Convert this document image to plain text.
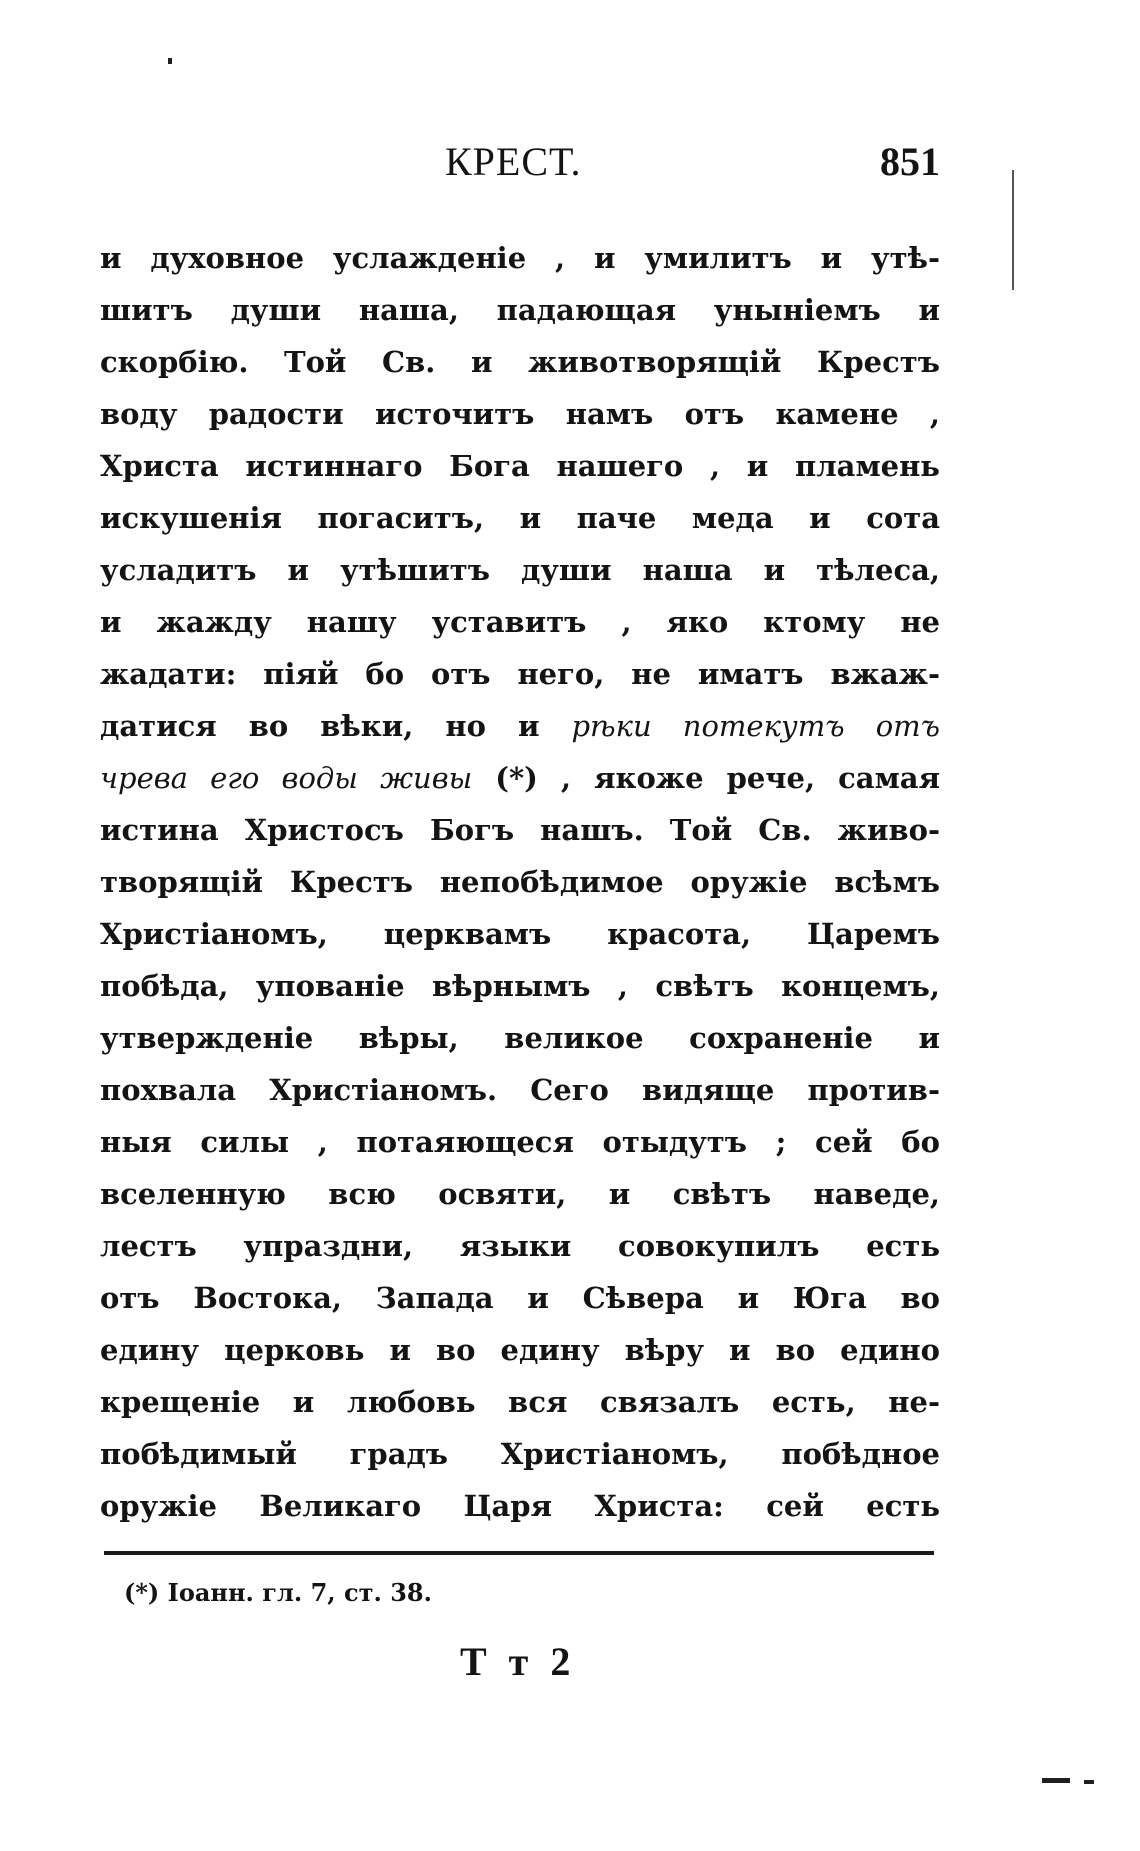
КРЕСТ.	851
и духовное услажденіе , и умилитъ и утѣ-
шитъ души наша, падающая уныніемъ и
скорбію. Той Св. и животворящій Крестъ
воду радости источитъ намъ отъ камене ,
Христа истиннаго Бога нашего , и пламень
искушенія погаситъ, и паче меда и сота
усладитъ и утѣшитъ души наша и тѣлеса,
и жажду нашу уставитъ , яко ктому не
жадати: піяй бо отъ него, не иматъ вжаж-
датися во вѣки, но и рѣки потекутъ отъ
чрева его воды живы (*) , якоже рече, самая
истина Христосъ Богъ нашъ. Той Св. живо-
творящій Крестъ непобѣдимое оружіе всѣмъ
Христіаномъ, церквамъ красота, Царемъ
побѣда, упованіе вѣрнымъ , свѣтъ концемъ,
утвержденіе вѣры, великое сохраненіе и
похвала Христіаномъ. Сего видяще против-
ныя силы , потаяющеся отыдутъ ; сей бо
вселенную всю освяти, и свѣтъ наведе,
лестъ упраздни, языки совокупилъ есть
отъ Востока, Запада и Сѣвера и Юга во
едину церковь и во едину вѣру и во едино
крещеніе и любовь вся связалъ есть, не-
побѣдимый градъ Христіаномъ, побѣдное
оружіе Великаго Царя Христа: сей есть
(*) Іоанн. гл. 7, ст. 38.
Т т 2
